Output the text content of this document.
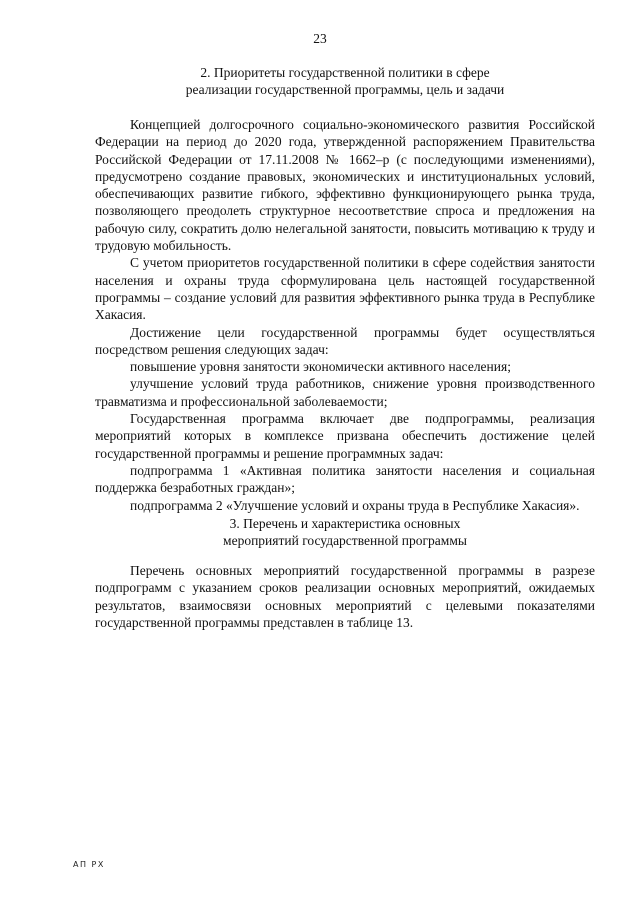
23
2. Приоритеты государственной политики в сфере
реализации государственной программы, цель и задачи

Концепцией долгосрочного социально-экономического развития Российской Федерации на период до 2020 года, утвержденной распоряжением Правительства Российской Федерации от 17.11.2008 № 1662–р (с последующими изменениями), предусмотрено создание правовых, экономических и институциональных условий, обеспечивающих развитие гибкого, эффективно функционирующего рынка труда, позволяющего преодолеть структурное несоответствие спроса и предложения на рабочую силу, сократить долю нелегальной занятости, повысить мотивацию к труду и трудовую мобильность.

С учетом приоритетов государственной политики в сфере содействия занятости населения и охраны труда сформулирована цель настоящей государственной программы – создание условий для развития эффективного рынка труда в Республике Хакасия.

Достижение цели государственной программы будет осуществляться посредством решения следующих задач:

повышение уровня занятости экономически активного населения;

улучшение условий труда работников, снижение уровня производственного травматизма и профессиональной заболеваемости;

Государственная программа включает две подпрограммы, реализация мероприятий которых в комплексе призвана обеспечить достижение целей государственной программы и решение программных задач:

подпрограмма 1 «Активная политика занятости населения и социальная поддержка безработных граждан»;

подпрограмма 2 «Улучшение условий и охраны труда в Республике Хакасия».

3. Перечень и характеристика основных
мероприятий государственной программы

Перечень основных мероприятий государственной программы в разрезе подпрограмм с указанием сроков реализации основных мероприятий, ожидаемых результатов, взаимосвязи основных мероприятий с целевыми показателями государственной программы представлен в таблице 13.

АП РХ
